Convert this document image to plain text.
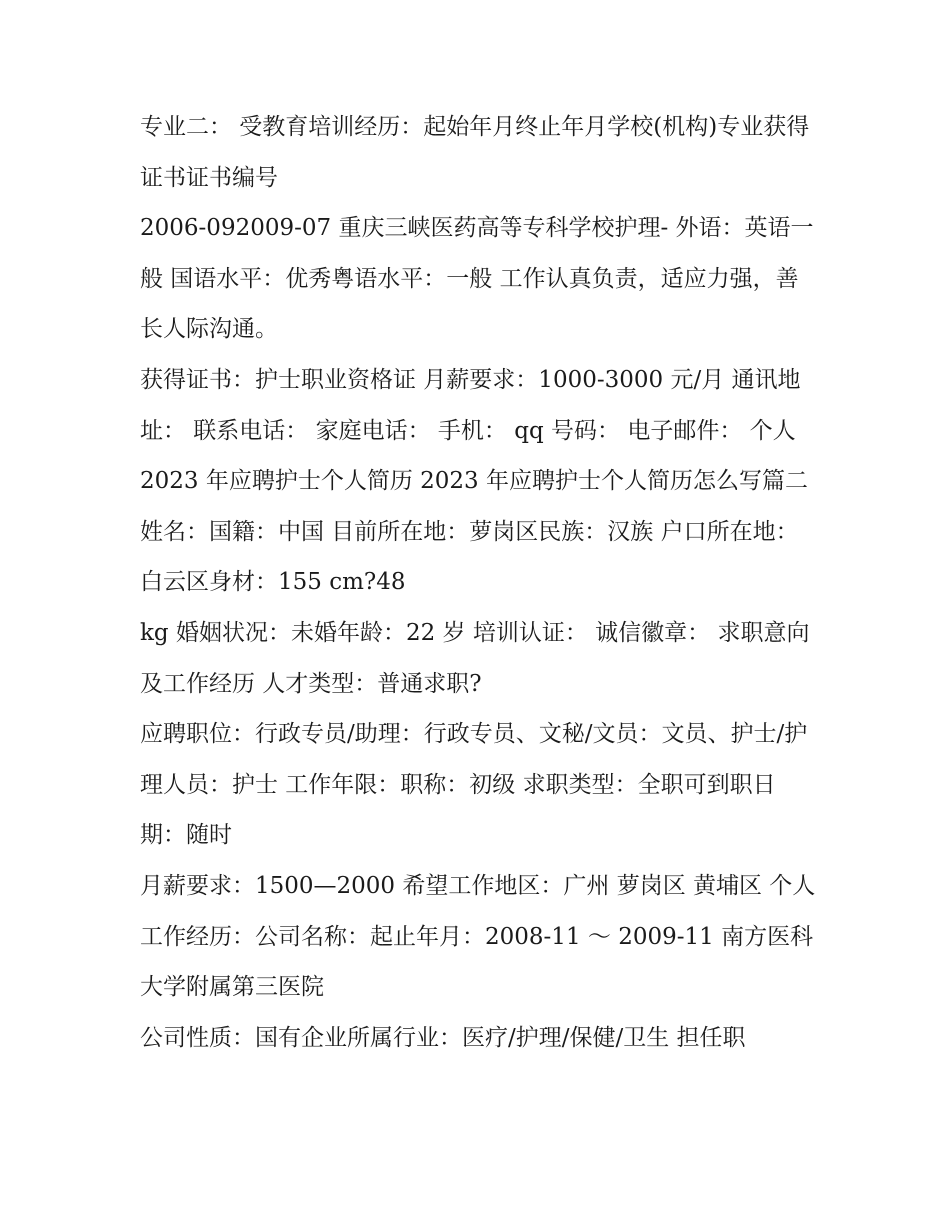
专业二： 受教育培训经历：起始年月终止年月学校(机构)专业获得证书证书编号

2006-092009-07 重庆三峡医药高等专科学校护理- 外语：英语一般 国语水平：优秀粤语水平：一般 工作认真负责，适应力强，善长人际沟通。

获得证书：护士职业资格证 月薪要求：1000-3000 元/月 通讯地址： 联系电话： 家庭电话： 手机： qq 号码： 电子邮件： 个人

2023 年应聘护士个人简历 2023 年应聘护士个人简历怎么写篇二 姓名：国籍：中国 目前所在地：萝岗区民族：汉族 户口所在地：白云区身材：155 cm?48

kg 婚姻状况：未婚年龄：22 岁 培训认证： 诚信徽章： 求职意向及工作经历 人才类型：普通求职?

应聘职位：行政专员/助理：行政专员、文秘/文员：文员、护士/护理人员：护士 工作年限：职称：初级 求职类型：全职可到职日期：随时

月薪要求：1500—2000 希望工作地区：广州 萝岗区 黄埔区 个人工作经历：公司名称：起止年月：2008-11 ～ 2009-11 南方医科大学附属第三医院

公司性质：国有企业所属行业：医疗/护理/保健/卫生 担任职
